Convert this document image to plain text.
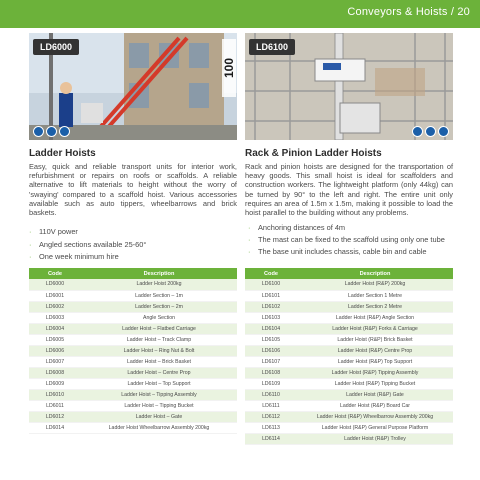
Conveyors & Hoists / 20
LD6000
100
LD6100
Ladder Hoists

Easy, quick and reliable transport units for interior work, refurbishment or repairs on roofs or scaffolds. A reliable alternative to lift materials to height without the worry of 'swaying' compared to a scaffold hoist. Various accessories available such as auto tippers, wheelbarrows and brick baskets.

· 110V power
· Angled sections available 25-60°
· One week minimum hire
Rack & Pinion Ladder Hoists

Rack and pinion hoists are designed for the transportation of heavy goods. This small hoist is ideal for scaffolders and construction workers. The lightweight platform (only 44kg) can be turned by 90° to the left and right. The entire unit only requires an area of 1.5m x 1.5m, making it possible to load the hoist parallel to the building without any problems.

· Anchoring distances of 4m
· The mast can be fixed to the scaffold using only one tube
· The base unit includes chassis, cable bin and cable
Code	Description
LD6000	Ladder Hoist 200kg
LD6001	Ladder Section – 1m
LD6002	Ladder Section – 2m
LD6003	Angle Section
LD6004	Ladder Hoist – Flatbed Carriage
LD6005	Ladder Hoist – Track Clamp
LD6006	Ladder Hoist – Ring Nut & Bolt
LD6007	Ladder Hoist – Brick Basket
LD6008	Ladder Hoist – Centre Prop
LD6009	Ladder Hoist – Top Support
LD6010	Ladder Hoist – Tipping Assembly
LD6011	Ladder Hoist – Tipping Bucket
LD6012	Ladder Hoist – Gate
LD6014	Ladder Hoist Wheelbarrow Assembly 200kg
Code	Description
LD6100	Ladder Hoist (R&P) 200kg
LD6101	Ladder Section 1 Metre
LD6102	Ladder Section 2 Metre
LD6103	Ladder Hoist (R&P) Angle Section
LD6104	Ladder Hoist (R&P) Forks & Carriage
LD6105	Ladder Hoist (R&P) Brick Basket
LD6106	Ladder Hoist (R&P) Centre Prop
LD6107	Ladder Hoist (R&P) Top Support
LD6108	Ladder Hoist (R&P) Tipping Assembly
LD6109	Ladder Hoist (R&P) Tipping Bucket
LD6110	Ladder Hoist (R&P) Gate
LD6111	Ladder Hoist (R&P) Board Car
LD6112	Ladder Hoist (R&P) Wheelbarrow Assembly 200kg
LD6113	Ladder Hoist (R&P) General Purpose Platform
LD6114	Ladder Hoist (R&P) Trolley
